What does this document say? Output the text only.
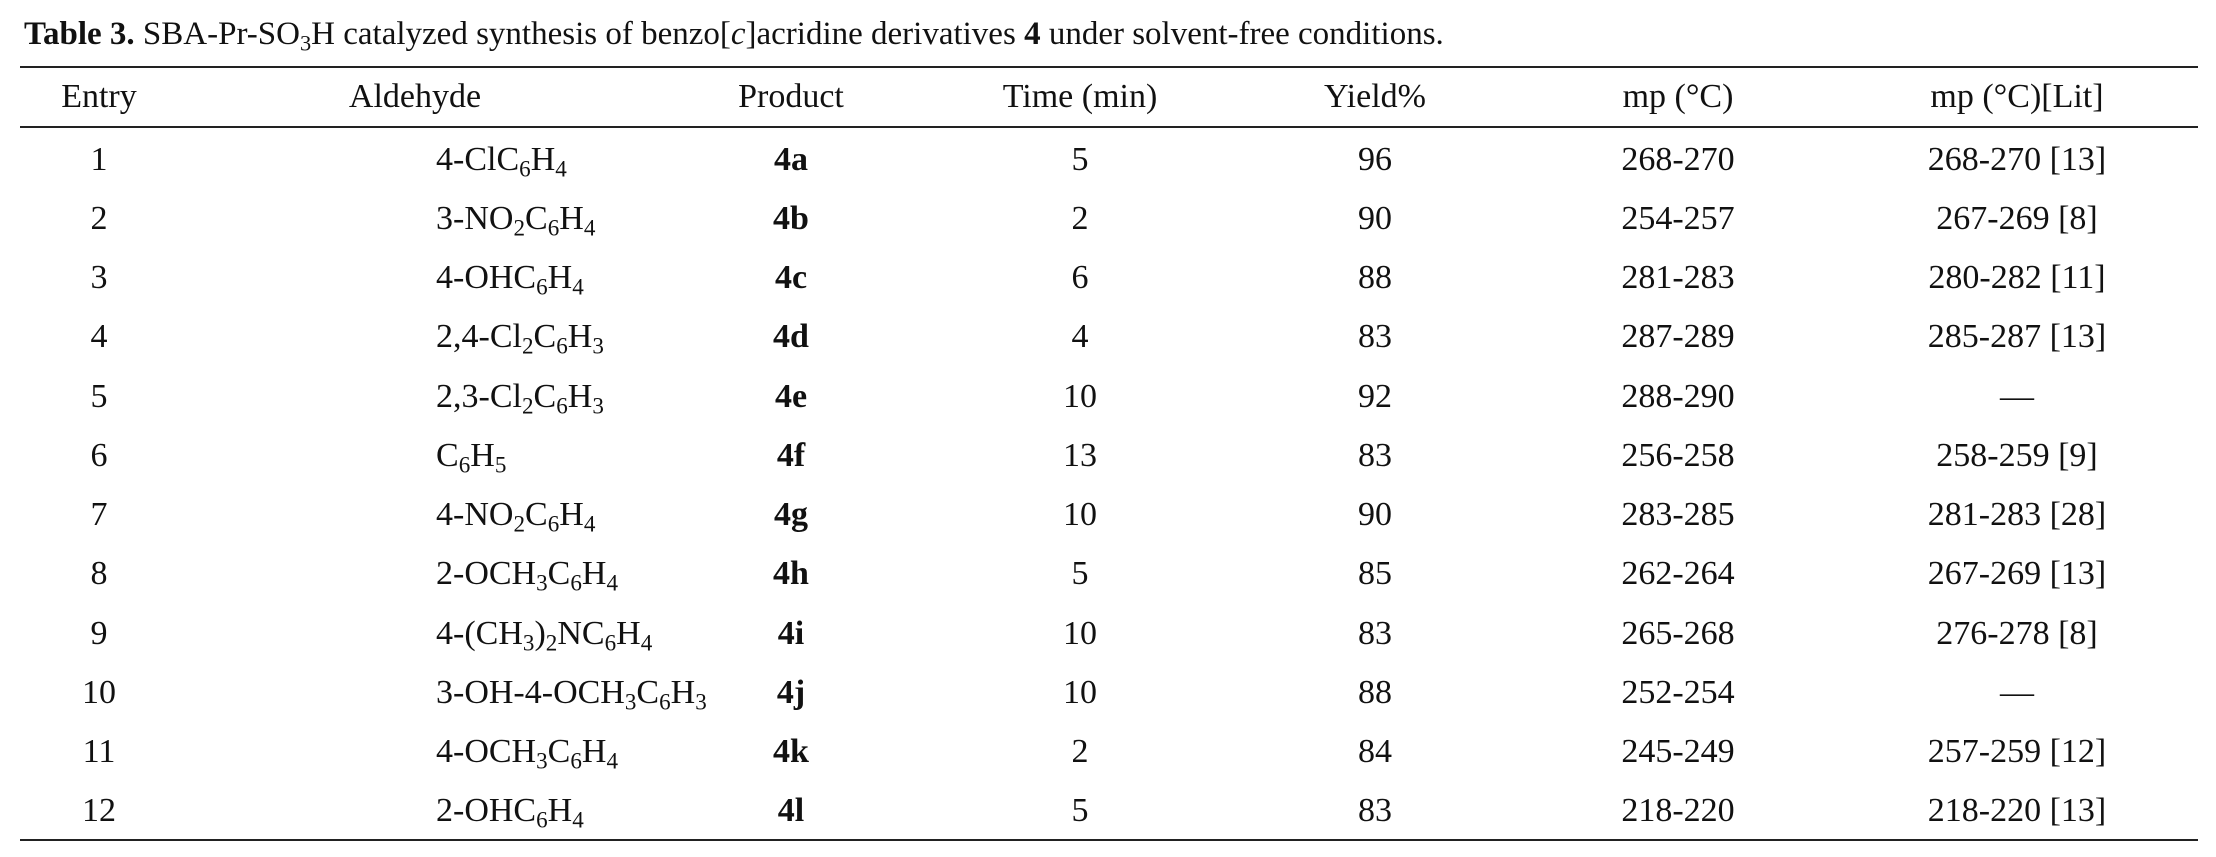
Table 3. SBA-$Pr-SO_3H$ catalyzed synthesis of benzo[c]acridine derivatives 4 under solvent-free conditions.
Entry	Aldehyde	Product	Time (min)	Yield%	mp (°C)	mp (°C)[Lit]
1	$4-ClC_6H_4$	4a	5	96	268-270	268-270 [13]
2	$3-NO_2C_6H_4$	4b	2	90	254-257	267-269 [8]
3	$4-OHC_6H_4$	4c	6	88	281-283	280-282 [11]
4	$2,4-Cl_2C_6H_3$	4d	4	83	287-289	285-287 [13]
5	$2,3-Cl_2C_6H_3$	4e	10	92	288-290	—
6	$C_6H_5$	4f	13	83	256-258	258-259 [9]
7	$4-NO_2C_6H_4$	4g	10	90	283-285	281-283 [28]
8	$2-OCH_3C_6H_4$	4h	5	85	262-264	267-269 [13]
9	$4-(CH_3)_2NC_6H_4$	4i	10	83	265-268	276-278 [8]
10	$3-OH-4-OCH_3C_6H_3$	4j	10	88	252-254	—
11	$4-OCH_3C_6H_4$	4k	2	84	245-249	257-259 [12]
12	$2-OHC_6H_4$	4l	5	83	218-220	218-220 [13]
